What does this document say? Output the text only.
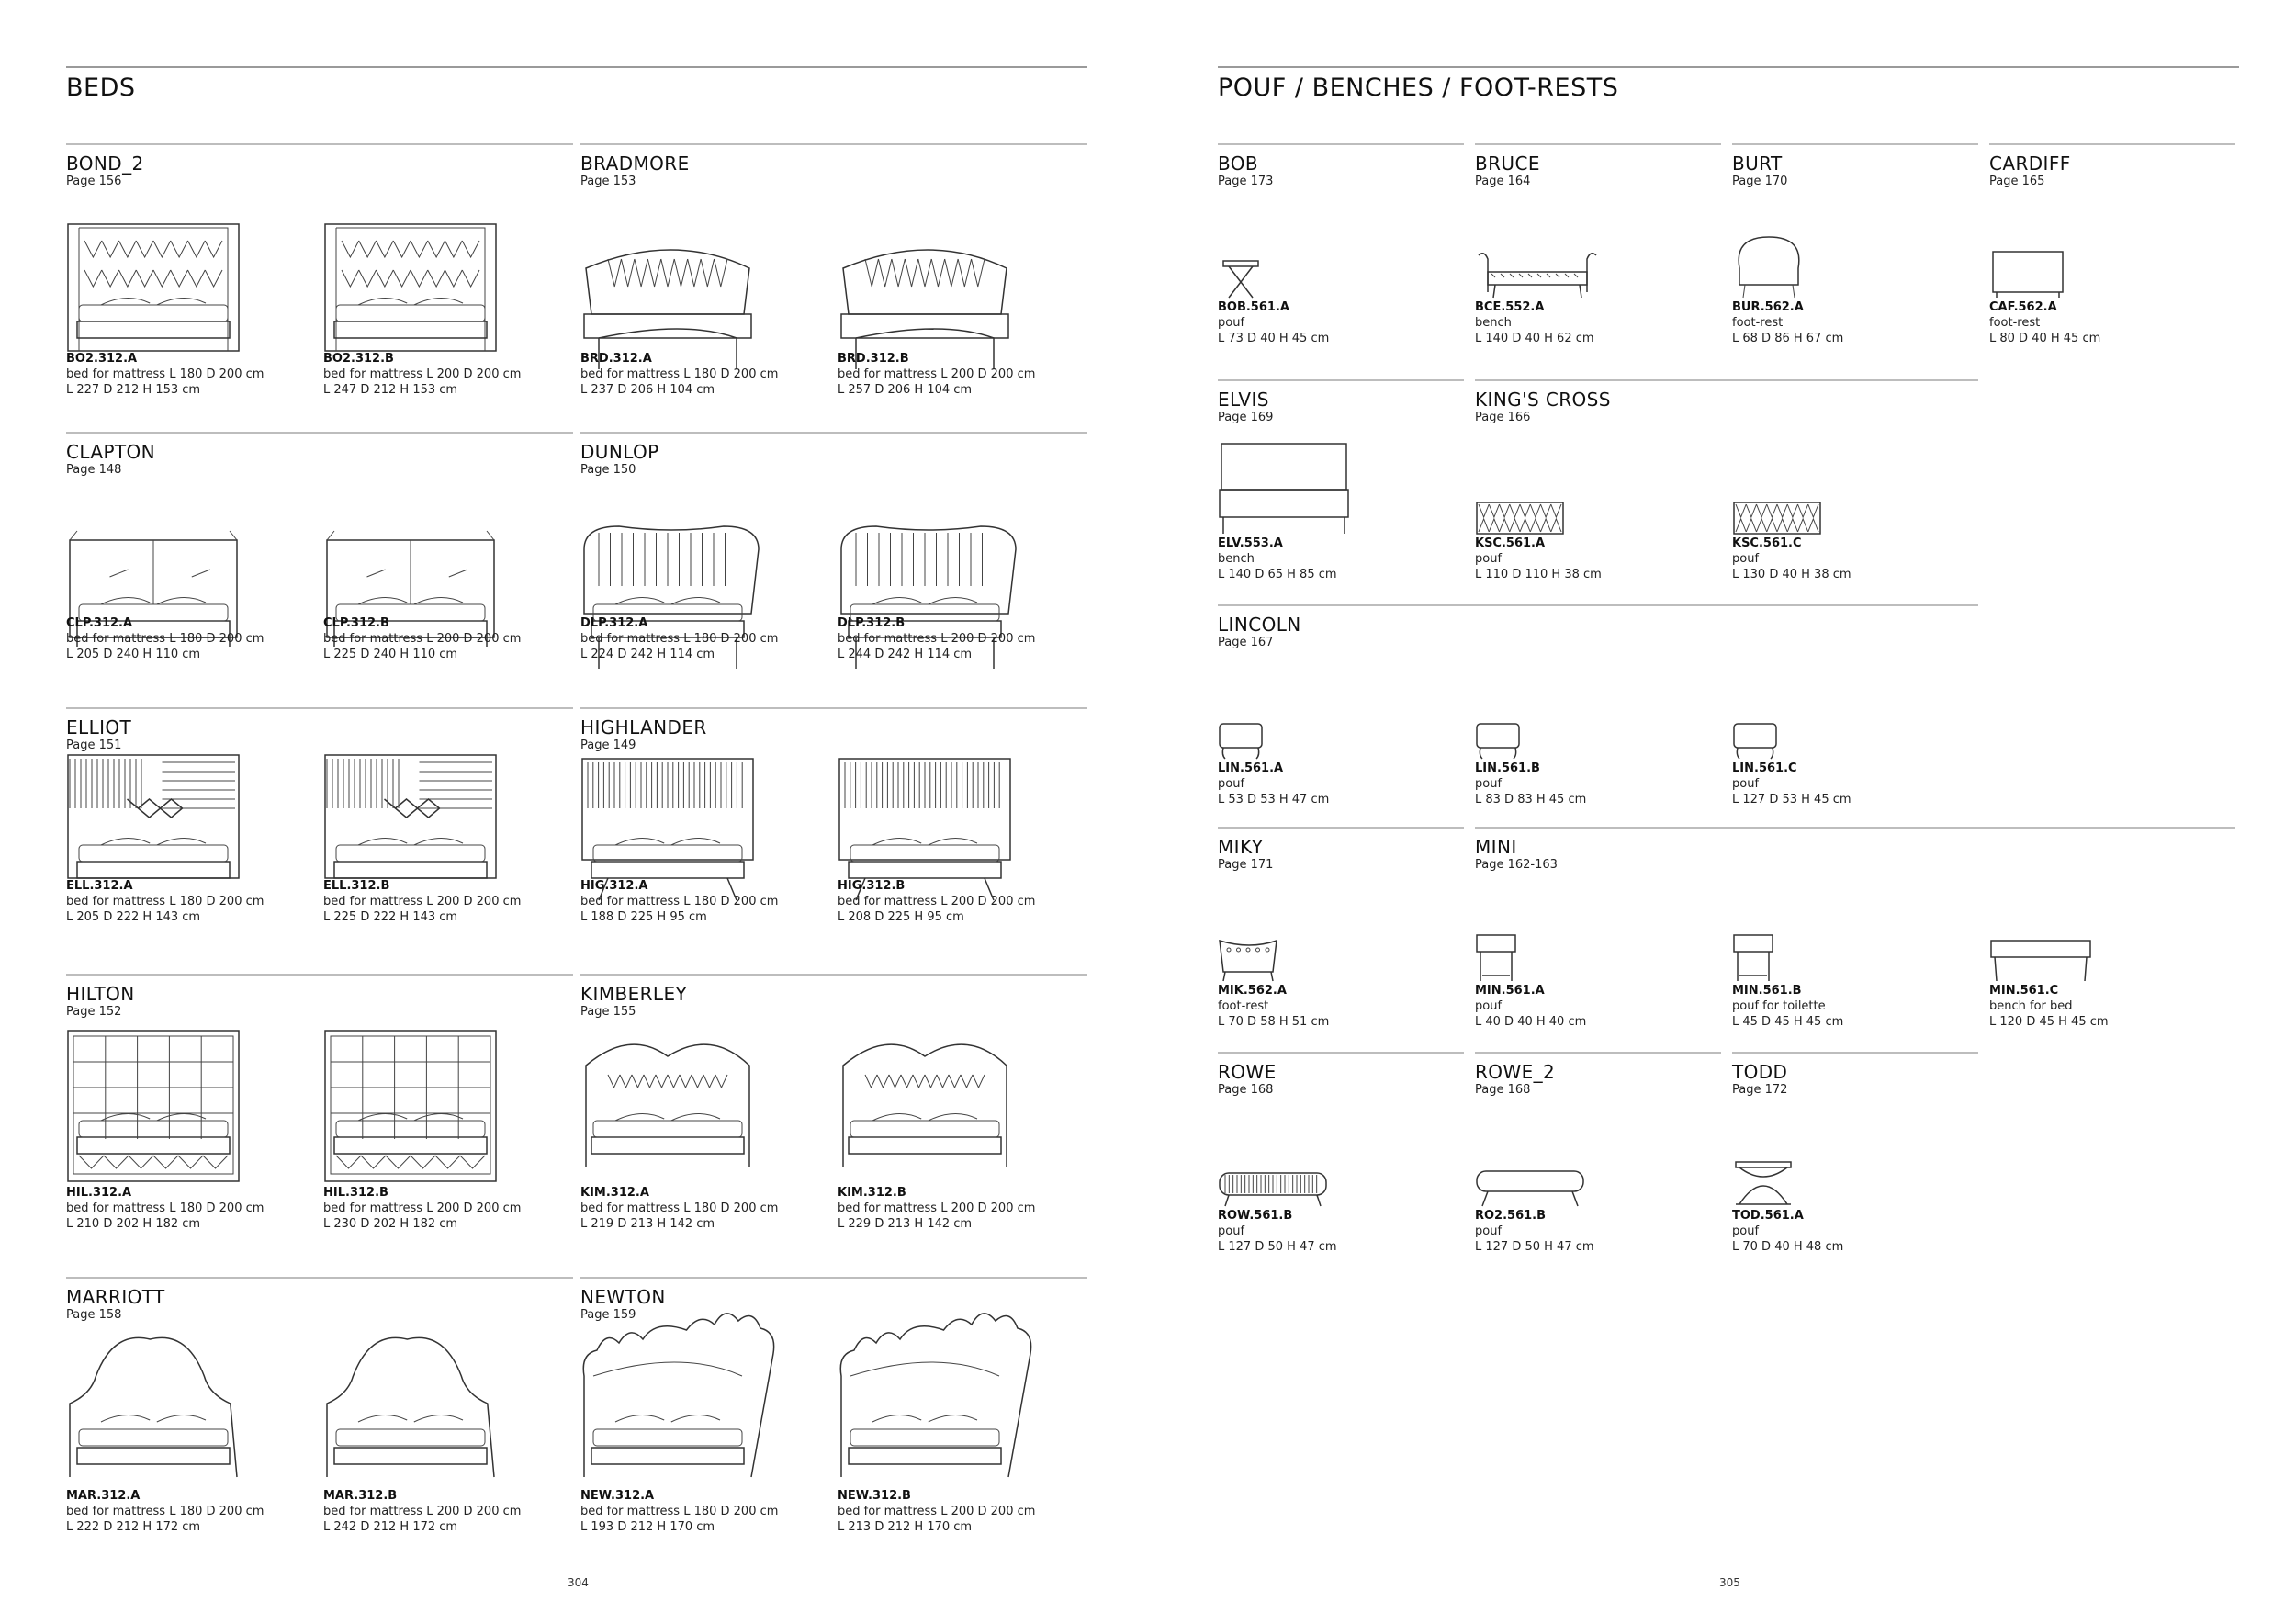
BEDS
BOND_2
Page 156
BO2.312.A
bed for mattress L 180 D 200 cm
L 227 D 212 H 153 cm
BO2.312.B
bed for mattress L 200 D 200 cm
L 247 D 212 H 153 cm
BRADMORE
Page 153
BRD.312.A
bed for mattress L 180 D 200 cm
L 237 D 206 H 104 cm
BRD.312.B
bed for mattress L 200 D 200 cm
L 257 D 206 H 104 cm
CLAPTON
Page 148
CLP.312.A
bed for mattress L 180 D 200 cm
L 205 D 240 H 110 cm
CLP.312.B
bed for mattress L 200 D 200 cm
L 225 D 240 H 110 cm
DUNLOP
Page 150
DLP.312.A
bed for mattress L 180 D 200 cm
L 224 D 242 H 114 cm
DLP.312.B
bed for mattress L 200 D 200 cm
L 244 D 242 H 114 cm
ELLIOT
Page 151
ELL.312.A
bed for mattress L 180 D 200 cm
L 205 D 222 H 143 cm
ELL.312.B
bed for mattress L 200 D 200 cm
L 225 D 222 H 143 cm
HIGHLANDER
Page 149
HIG.312.A
bed for mattress L 180 D 200 cm
L 188 D 225 H 95 cm
HIG.312.B
bed for mattress L 200 D 200 cm
L 208 D 225 H 95 cm
HILTON
Page 152
HIL.312.A
bed for mattress L 180 D 200 cm
L 210 D 202 H 182 cm
HIL.312.B
bed for mattress L 200 D 200 cm
L 230 D 202 H 182 cm
KIMBERLEY
Page 155
KIM.312.A
bed for mattress L 180 D 200 cm
L 219 D 213 H 142 cm
KIM.312.B
bed for mattress L 200 D 200 cm
L 229 D 213 H 142 cm
MARRIOTT
Page 158
MAR.312.A
bed for mattress L 180 D 200 cm
L 222 D 212 H 172 cm
MAR.312.B
bed for mattress L 200 D 200 cm
L 242 D 212 H 172 cm
NEWTON
Page 159
NEW.312.A
bed for mattress L 180 D 200 cm
L 193 D 212 H 170 cm
NEW.312.B
bed for mattress L 200 D 200 cm
L 213 D 212 H 170 cm
304
POUF / BENCHES / FOOT-RESTS
BOB
Page 173
BOB.561.A
pouf
L 73 D 40 H 45 cm
BRUCE
Page 164
BCE.552.A
bench
L 140 D 40 H 62 cm
BURT
Page 170
BUR.562.A
foot-rest
L 68 D 86 H 67 cm
CARDIFF
Page 165
CAF.562.A
foot-rest
L 80 D 40 H 45 cm
ELVIS
Page 169
ELV.553.A
bench
L 140 D 65 H 85 cm
KING'S CROSS
Page 166
KSC.561.A
pouf
L 110 D 110 H 38 cm
KSC.561.C
pouf
L 130 D 40 H 38 cm
LINCOLN
Page 167
LIN.561.A
pouf
L 53 D 53 H 47 cm
LIN.561.B
pouf
L 83 D 83 H 45 cm
LIN.561.C
pouf
L 127 D 53 H 45 cm
MIKY
Page 171
MIK.562.A
foot-rest
L 70 D 58 H 51 cm
MINI
Page 162-163
MIN.561.A
pouf
L 40 D 40 H 40 cm
MIN.561.B
pouf for toilette
L 45 D 45 H 45 cm
MIN.561.C
bench for bed
L 120 D 45 H 45 cm
ROWE
Page 168
ROW.561.B
pouf
L 127 D 50 H 47 cm
ROWE_2
Page 168
RO2.561.B
pouf
L 127 D 50 H 47 cm
TODD
Page 172
TOD.561.A
pouf
L 70 D 40 H 48 cm
305
